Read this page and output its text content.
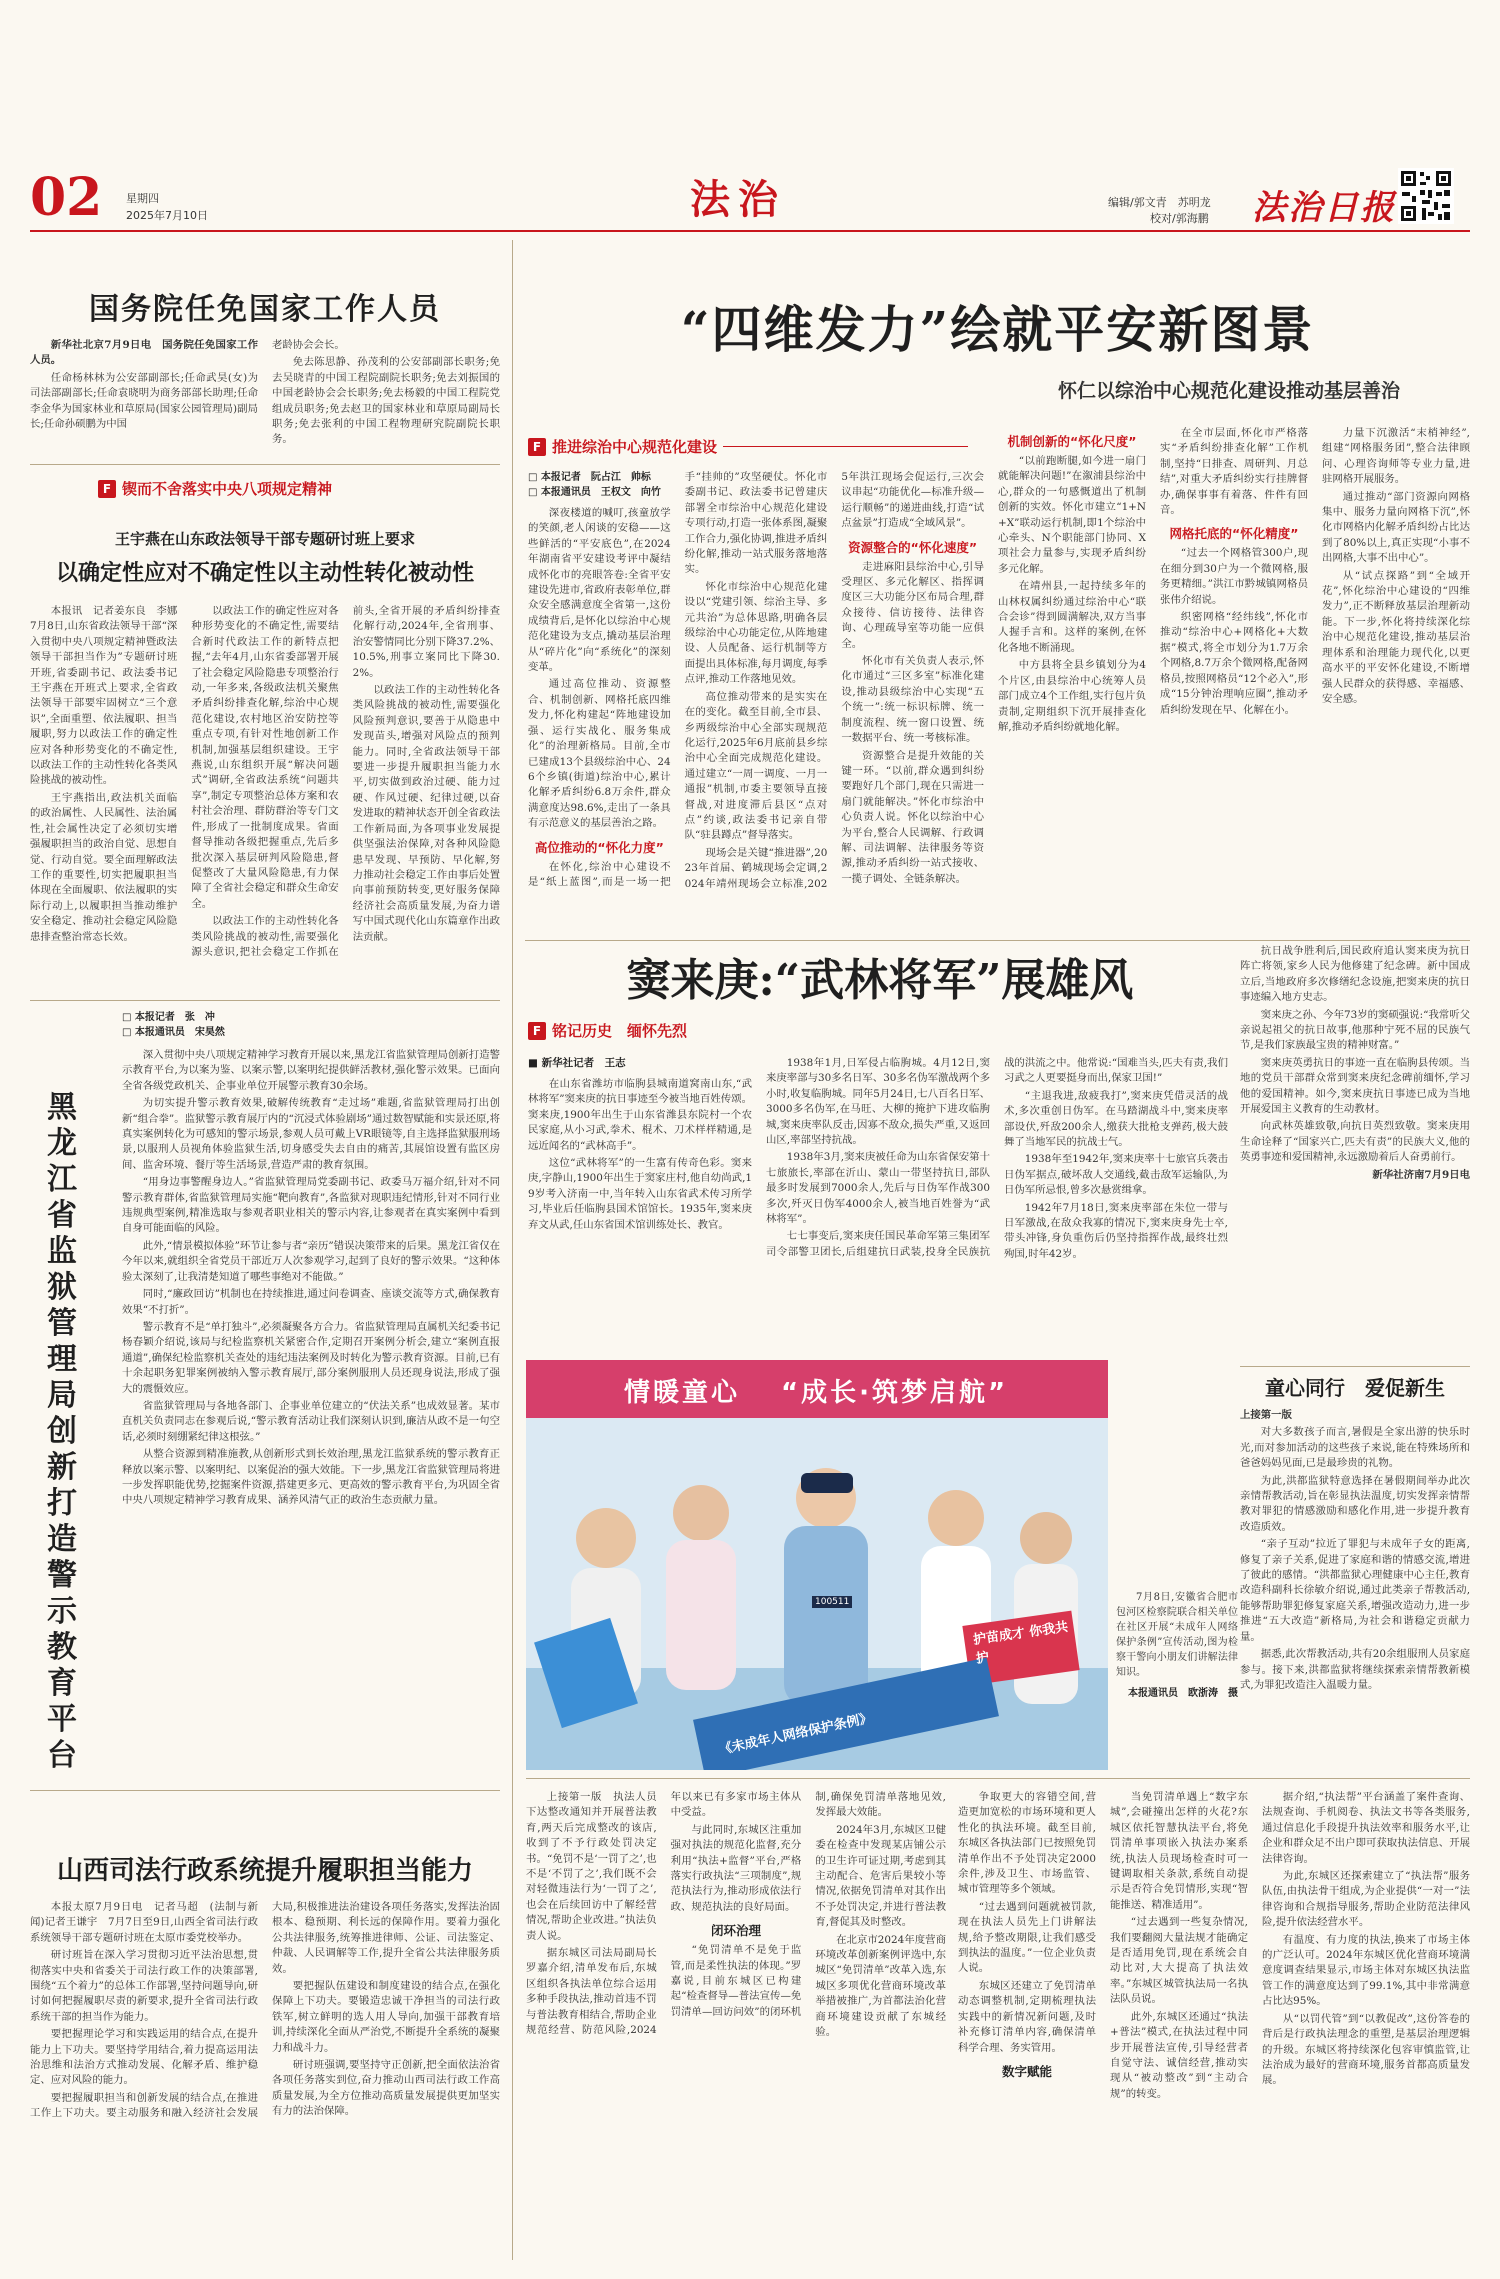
02 星期四
2025年7月10日	法治	编辑/郭文青　苏明龙
校对/郭海鹏 法治日报
国务院任免国家工作人员

新华社北京7月9日电　国务院任免国家工作人员。

任命杨林林为公安部副部长;任命武昊(女)为司法部副部长;任命袁晓明为商务部部长助理;任命李金华为国家林业和草原局(国家公园管理局)副局长;任命孙硕鹏为中国

老龄协会会长。

免去陈思静、孙茂利的公安部副部长职务;免去吴晓青的中国工程院副院长职务;免去刘振国的中国老龄协会会长职务;免去杨毅的中国工程院党组成员职务;免去赵卫的国家林业和草原局副局长职务;免去张利的中国工程物理研究院副院长职务。

F 锲而不舍落实中央八项规定精神
王宇燕在山东政法领导干部专题研讨班上要求
以确定性应对不确定性以主动性转化被动性

本报讯　记者姜东良　李娜　7月8日,山东省政法领导干部“深入贯彻中央八项规定精神暨政法领导干部担当作为”专题研讨班开班,省委副书记、政法委书记王宇燕在开班式上要求,全省政法领导干部要牢固树立“三个意识”,全面重塑、依法履职、担当履职,努力以政法工作的确定性应对各种形势变化的不确定性,以政法工作的主动性转化各类风险挑战的被动性。

王宇燕指出,政法机关面临的政治属性、人民属性、法治属性,社会属性决定了必须切实增强履职担当的政治自觉、思想自觉、行动自觉。要全面理解政法工作的重要性,切实把履职担当体现在全面履职、依法履职的实际行动上,以履职担当推动维护安全稳定、推动社会稳定风险隐患排查整治常态长效。

以政法工作的确定性应对各种形势变化的不确定性,需要结合新时代政法工作的新特点把握,“去年4月,山东省委部署开展了社会稳定风险隐患专项整治行动,一年多来,各级政法机关聚焦矛盾纠纷排查化解,综治中心规范化建设,农村地区治安防控等重点专项,有针对性地创新工作机制,加强基层组织建设。王宇燕说,山东组织开展“解决问题式”调研,全省政法系统“问题共享”,制定专项整治总体方案和农村社会治理、群防群治等专门文件,形成了一批制度成果。省面督导推动各级把握重点,先后多批次深入基层研判风险隐患,督促整改了大量风险隐患,有力保障了全省社会稳定和群众生命安全。

以政法工作的主动性转化各类风险挑战的被动性,需要强化源头意识,把社会稳定工作抓在前头,全省开展的矛盾纠纷排查化解行动,2024年,全省刑事、治安警情同比分别下降37.2%、10.5%,刑事立案同比下降30.2%。

以政法工作的主动性转化各类风险挑战的被动性,需要强化风险预判意识,要善于从隐患中发现苗头,增强对风险点的预判能力。同时,全省政法领导干部要进一步提升履职担当能力水平,切实做到政治过硬、能力过硬、作风过硬、纪律过硬,以奋发进取的精神状态开创全省政法工作新局面,为各项事业发展提供坚强法治保障,对各种风险隐患早发现、早预防、早化解,努力推动社会稳定工作由事后处置向事前预防转变,更好服务保障经济社会高质量发展,为奋力谱写中国式现代化山东篇章作出政法贡献。

黑龙江省监狱管理局创新打造警示教育平台
□ 本报记者　张　冲
□ 本报通讯员　宋昊然

深入贯彻中央八项规定精神学习教育开展以来,黑龙江省监狱管理局创新打造警示教育平台,为以案为鉴、以案示警,以案明纪提供鲜活教材,强化警示效果。已面向全省各级党政机关、企事业单位开展警示教育30余场。

为切实提升警示教育效果,破解传统教育“走过场”难题,省监狱管理局打出创新“组合拳”。监狱警示教育展厅内的“沉浸式体验剧场”通过数智赋能和实景还原,将真实案例转化为可感知的警示场景,参观人员可戴上VR眼镜等,自主选择监狱服刑场景,以服刑人员视角体验监狱生活,切身感受失去自由的痛苦,其展馆设置有监区房间、监舍环境、餐厅等生活场景,营造严肃的教育氛围。

“用身边事警醒身边人。”省监狱管理局党委副书记、政委马万福介绍,针对不同警示教育群体,省监狱管理局实施“靶向教育”,各监狱对现职违纪情形,针对不同行业违规典型案例,精准选取与参观者职业相关的警示内容,让参观者在真实案例中看到自身可能面临的风险。

此外,“情景模拟体验”环节让参与者“亲历”错误决策带来的后果。黑龙江省仅在今年以来,就组织全省党员干部近万人次参观学习,起到了良好的警示效果。“这种体验太深刻了,让我清楚知道了哪些事绝对不能做。”

同时,“廉政回访”机制也在持续推进,通过问卷调查、座谈交流等方式,确保教育效果“不打折”。

警示教育不是“单打独斗”,必须凝聚各方合力。省监狱管理局直属机关纪委书记杨春颖介绍说,该局与纪检监察机关紧密合作,定期召开案例分析会,建立“案例直报通道”,确保纪检监察机关查处的违纪违法案例及时转化为警示教育资源。目前,已有十余起职务犯罪案例被纳入警示教育展厅,部分案例服刑人员还现身说法,形成了强大的震慑效应。

省监狱管理局与各地各部门、企事业单位建立的“伏法关系”也成效显著。某市直机关负责同志在参观后说,“警示教育活动让我们深刻认识到,廉洁从政不是一句空话,必须时刻绷紧纪律这根弦。”

从整合资源到精准施教,从创新形式到长效治理,黑龙江监狱系统的警示教育正释放以案示警、以案明纪、以案促治的强大效能。下一步,黑龙江省监狱管理局将进一步发挥职能优势,挖掘案件资源,搭建更多元、更高效的警示教育平台,为巩固全省中央八项规定精神学习教育成果、涵养风清气正的政治生态贡献力量。

山西司法行政系统提升履职担当能力

本报太原7月9日电　记者马超　(法制与新闻)记者王谦宇　7月7日至9日,山西全省司法行政系统领导干部专题研讨班在太原市委党校举办。

研讨班旨在深入学习贯彻习近平法治思想,贯彻落实中央和省委关于司法行政工作的决策部署,围绕“五个着力”的总体工作部署,坚持问题导向,研讨如何把握履职尽责的新要求,提升全省司法行政系统干部的担当作为能力。

要把握理论学习和实践运用的结合点,在提升能力上下功夫。要坚持学用结合,着力提高运用法治思维和法治方式推动发展、化解矛盾、维护稳定、应对风险的能力。

要把握履职担当和创新发展的结合点,在推进工作上下功夫。要主动服务和融入经济社会发展大局,积极推进法治建设各项任务落实,发挥法治固根本、稳预期、利长远的保障作用。要着力强化公共法律服务,统筹推进律师、公证、司法鉴定、仲裁、人民调解等工作,提升全省公共法律服务质效。

要把握队伍建设和制度建设的结合点,在强化保障上下功夫。要锻造忠诚干净担当的司法行政铁军,树立鲜明的选人用人导向,加强干部教育培训,持续深化全面从严治党,不断提升全系统的凝聚力和战斗力。

研讨班强调,要坚持守正创新,把全面依法治省各项任务落实到位,奋力推动山西司法行政工作高质量发展,为全方位推动高质量发展提供更加坚实有力的法治保障。

“四维发力”绘就平安新图景
怀仁以综治中心规范化建设推动基层善治
F 推进综治中心规范化建设
□ 本报记者　阮占江　帅标
□ 本报通讯员　王权文　向竹

深夜楼道的喊叮,孩童放学的笑颜,老人闲谈的安稳——这些鲜活的“平安底色”,在2024年湖南省平安建设考评中凝结成怀化市的亮眼答卷:全省平安建设先进市,省政府表彰单位,群众安全感满意度全省第一,这份成绩背后,是怀化以综治中心规范化建设为支点,撬动基层治理从“碎片化”向“系统化”的深刻变革。

通过高位推动、资源整合、机制创新、网格托底四维发力,怀化构建起“阵地建设加强、运行实战化、服务集成化”的治理新格局。目前,全市已建成13个县级综治中心、246个乡镇(街道)综治中心,累计化解矛盾纠纷6.8万余件,群众满意度达98.6%,走出了一条具有示范意义的基层善治之路。

高位推动的“怀化力度”

在怀化,综治中心建设不是“纸上蓝图”,而是一场一把手“挂帅的”攻坚硬仗。怀化市委副书记、政法委书记曾建庆部署全市综治中心规范化建设专项行动,打造一张体系图,凝聚工作合力,强化协调,推进矛盾纠纷化解,推动一站式服务落地落实。

怀化市综治中心规范化建设以“党建引领、综治主导、多元共治”为总体思路,明确各层级综治中心功能定位,从阵地建设、人员配备、运行机制等方面提出具体标准,每月调度,每季点评,推动工作落地见效。

高位推动带来的是实实在在的变化。截至目前,全市县、乡两级综治中心全部实现规范化运行,2025年6月底前县乡综治中心全面完成规范化建设。通过建立“一周一调度、一月一通报”机制,市委主要领导直接督战,对进度滞后县区“点对点”约谈,政法委书记亲自带队“驻县蹲点”督导落实。

现场会是关键“推进器”,2023年首届、鹤城现场会定调,2024年靖州现场会立标准,2025年洪江现场会促运行,三次会议串起“功能优化—标准升级—运行顺畅”的递进曲线,打造“试点盆景”打造成“全域风景”。

资源整合的“怀化速度”

走进麻阳县综治中心,引导受理区、多元化解区、指挥调度区三大功能分区布局合理,群众接待、信访接待、法律咨询、心理疏导室等功能一应俱全。

怀化市有关负责人表示,怀化市通过“三区多室”标准化建设,推动县级综治中心实现“五个统一”:统一标识标牌、统一制度流程、统一窗口设置、统一数据平台、统一考核标准。

资源整合是提升效能的关键一环。“以前,群众遇到纠纷要跑好几个部门,现在只需进一扇门就能解决。”怀化市综治中心负责人说。怀化以综治中心为平台,整合人民调解、行政调解、司法调解、法律服务等资源,推动矛盾纠纷一站式接收、一揽子调处、全链条解决。

机制创新的“怀化尺度”

“以前跑断腿,如今进一扇门就能解决问题!”在溆浦县综治中心,群众的一句感慨道出了机制创新的实效。怀化市建立“1+N+X”联动运行机制,即1个综治中心牵头、N个职能部门协同、X项社会力量参与,实现矛盾纠纷多元化解。

在靖州县,一起持续多年的山林权属纠纷通过综治中心“联合会诊”得到圆满解决,双方当事人握手言和。这样的案例,在怀化各地不断涌现。

中方县将全县乡镇划分为4个片区,由县综治中心统筹人员部门成立4个工作组,实行包片负责制,定期组织下沉开展排查化解,推动矛盾纠纷就地化解。

在全市层面,怀化市严格落实“矛盾纠纷排查化解”工作机制,坚持“日排查、周研判、月总结”,对重大矛盾纠纷实行挂牌督办,确保事事有着落、件件有回音。

网格托底的“怀化精度”

“过去一个网格管300户,现在细分到30户为一个微网格,服务更精细。”洪江市黔城镇网格员张伟介绍说。

织密网格“经纬线”,怀化市推动“综治中心+网格化+大数据”模式,将全市划分为1.7万余个网格,8.7万余个微网格,配备网格员,按照网格员“12个必入”,形成“15分钟治理响应圈”,推动矛盾纠纷发现在早、化解在小。

力量下沉激活“末梢神经”,组建“网格服务团”,整合法律顾问、心理咨询师等专业力量,进驻网格开展服务。

通过推动“部门资源向网格集中、服务力量向网格下沉”,怀化市网格内化解矛盾纠纷占比达到了80%以上,真正实现“小事不出网格,大事不出中心”。

从“试点探路”到“全域开花”,怀化综治中心建设的“四维发力”,正不断释放基层治理新动能。下一步,怀化将持续深化综治中心规范化建设,推动基层治理体系和治理能力现代化,以更高水平的平安怀化建设,不断增强人民群众的获得感、幸福感、安全感。

窦来庚:“武林将军”展雄风
F 铭记历史　缅怀先烈
■ 新华社记者　王志

在山东省潍坊市临朐县城南道窝南山东,“武林将军”窦来庚的抗日事迹至今被当地百姓传颂。窦来庚,1900年出生于山东省潍县东院村一个农民家庭,从小习武,拳术、棍术、刀术样样精通,是远近闻名的“武林高手”。

这位“武林将军”的一生富有传奇色彩。窦来庚,字静山,1900年出生于窦家庄村,他自幼尚武,19岁考入济南一中,当年转入山东省武术传习所学习,毕业后任临朐县国术馆馆长。1935年,窦来庚弃文从武,任山东省国术馆训练处长、教官。

1938年1月,日军侵占临朐城。4月12日,窦来庚率部与30多名日军、30多名伪军激战两个多小时,收复临朐城。同年5月24日,七八百名日军、3000多名伪军,在马旺、大柳的掩护下进攻临朐城,窦来庚率队反击,因寡不敌众,损失严重,又返回山区,率部坚持抗战。

1938年3月,窦来庚被任命为山东省保安第十七旅旅长,率部在沂山、蒙山一带坚持抗日,部队最多时发展到7000余人,先后与日伪军作战300多次,歼灭日伪军4000余人,被当地百姓誉为“武林将军”。

七七事变后,窦来庚任国民革命军第三集团军司令部警卫团长,后组建抗日武装,投身全民族抗战的洪流之中。他常说:“国难当头,匹夫有责,我们习武之人更要挺身而出,保家卫国!”

“主退我进,敌疲我打”,窦来庚凭借灵活的战术,多次重创日伪军。在马踏湖战斗中,窦来庚率部设伏,歼敌200余人,缴获大批枪支弹药,极大鼓舞了当地军民的抗战士气。

1938年至1942年,窦来庚率十七旅官兵袭击日伪军据点,破坏敌人交通线,截击敌军运输队,为日伪军所忌恨,曾多次悬赏缉拿。

1942年7月18日,窦来庚率部在朱位一带与日军激战,在敌众我寡的情况下,窦来庚身先士卒,带头冲锋,身负重伤后仍坚持指挥作战,最终壮烈殉国,时年42岁。

抗日战争胜利后,国民政府追认窦来庚为抗日阵亡将领,家乡人民为他修建了纪念碑。新中国成立后,当地政府多次修缮纪念设施,把窦来庚的抗日事迹编入地方史志。

窦来庚之孙、今年73岁的窦硕强说:“我常听父亲说起祖父的抗日故事,他那种宁死不屈的民族气节,是我们家族最宝贵的精神财富。”

窦来庚英勇抗日的事迹一直在临朐县传颂。当地的党员干部群众常到窦来庚纪念碑前缅怀,学习他的爱国精神。如今,窦来庚抗日事迹已成为当地开展爱国主义教育的生动教材。

向武林英雄致敬,向抗日英烈致敬。窦来庚用生命诠释了“国家兴亡,匹夫有责”的民族大义,他的英勇事迹和爱国精神,永远激励着后人奋勇前行。

新华社济南7月9日电

情暖童心 　“成长·筑梦启航”
100511
护苗成才 你我共护
《未成年人网络保护条例》

7月8日,安徽省合肥市包河区检察院联合相关单位在社区开展“未成年人网络保护条例”宣传活动,图为检察干警向小朋友们讲解法律知识。

本报通讯员　欧浙涛　摄

童心同行　爱促新生

上接第一版

对大多数孩子而言,暑假是全家出游的快乐时光,而对参加活动的这些孩子来说,能在特殊场所和爸爸妈妈见面,已是最珍贵的礼物。

为此,洪都监狱特意选择在暑假期间举办此次亲情帮教活动,旨在彰显执法温度,切实发挥亲情帮教对罪犯的情感激励和感化作用,进一步提升教育改造质效。

“亲子互动”拉近了罪犯与未成年子女的距离,修复了亲子关系,促进了家庭和谐的情感交流,增进了彼此的感情。“洪都监狱心理健康中心主任,教育改造科副科长徐敏介绍说,通过此类亲子帮教活动,能够帮助罪犯修复家庭关系,增强改造动力,进一步推进“五大改造”新格局,为社会和谐稳定贡献力量。

据悉,此次帮教活动,共有20余组服刑人员家庭参与。接下来,洪都监狱将继续探索亲情帮教新模式,为罪犯改造注入温暖力量。

上接第一版　执法人员下达整改通知并开展普法教育,两天后完成整改的该店,收到了不予行政处罚决定书。“免罚不是‘一罚了之’,也不是‘不罚了之’,我们既不会对轻微违法行为‘一罚了之’,也会在后续回访中了解经营情况,帮助企业改进。”执法负责人说。

据东城区司法局副局长罗嘉介绍,清单发布后,东城区组织各执法单位综合运用多种手段执法,推动首违不罚与普法教育相结合,帮助企业规范经营、防范风险,2024年以来已有多家市场主体从中受益。

与此同时,东城区注重加强对执法的规范化监督,充分利用“执法+监督”平台,严格落实行政执法“三项制度”,规范执法行为,推动形成依法行政、规范执法的良好局面。

闭环治理

“免罚清单不是免于监管,而是柔性执法的体现。”罗嘉说,目前东城区已构建起“检查督导—普法宣传—免罚清单—回访问效”的闭环机制,确保免罚清单落地见效,发挥最大效能。

2024年3月,东城区卫健委在检查中发现某店铺公示的卫生许可证过期,考虑到其主动配合、危害后果较小等情况,依据免罚清单对其作出不予处罚决定,并进行普法教育,督促其及时整改。

在北京市2024年度营商环境改革创新案例评选中,东城区“免罚清单”改革入选,东城区多项优化营商环境改革举措被推广,为首都法治化营商环境建设贡献了东城经验。

争取更大的容错空间,营造更加宽松的市场环境和更人性化的执法环境。截至目前,东城区各执法部门已按照免罚清单作出不予处罚决定2000余件,涉及卫生、市场监管、城市管理等多个领域。

“过去遇到问题就被罚款,现在执法人员先上门讲解法规,给予整改期限,让我们感受到执法的温度。”一位企业负责人说。

东城区还建立了免罚清单动态调整机制,定期梳理执法实践中的新情况新问题,及时补充修订清单内容,确保清单科学合理、务实管用。

数字赋能

当免罚清单遇上“数字东城”,会碰撞出怎样的火花?东城区依托智慧执法平台,将免罚清单事项嵌入执法办案系统,执法人员现场检查时可一键调取相关条款,系统自动提示是否符合免罚情形,实现“智能推送、精准适用”。

“过去遇到一些复杂情况,我们要翻阅大量法规才能确定是否适用免罚,现在系统会自动比对,大大提高了执法效率。”东城区城管执法局一名执法队员说。

此外,东城区还通过“执法+普法”模式,在执法过程中同步开展普法宣传,引导经营者自觉守法、诚信经营,推动实现从“被动整改”到“主动合规”的转变。

据介绍,“执法帮”平台涵盖了案件查询、法规查询、手机阅卷、执法文书等各类服务,通过信息化手段提升执法效率和服务水平,让企业和群众足不出户即可获取执法信息、开展法律咨询。

为此,东城区还探索建立了“执法帮”服务队伍,由执法骨干组成,为企业提供“一对一”法律咨询和合规指导服务,帮助企业防范法律风险,提升依法经营水平。

有温度、有力度的执法,换来了市场主体的广泛认可。2024年东城区优化营商环境满意度调查结果显示,市场主体对东城区执法监管工作的满意度达到了99.1%,其中非常满意占比达95%。

从“以罚代管”到“以教促改”,这份答卷的背后是行政执法理念的重塑,是基层治理逻辑的升级。东城区将持续深化包容审慎监管,让法治成为最好的营商环境,服务首都高质量发展。
